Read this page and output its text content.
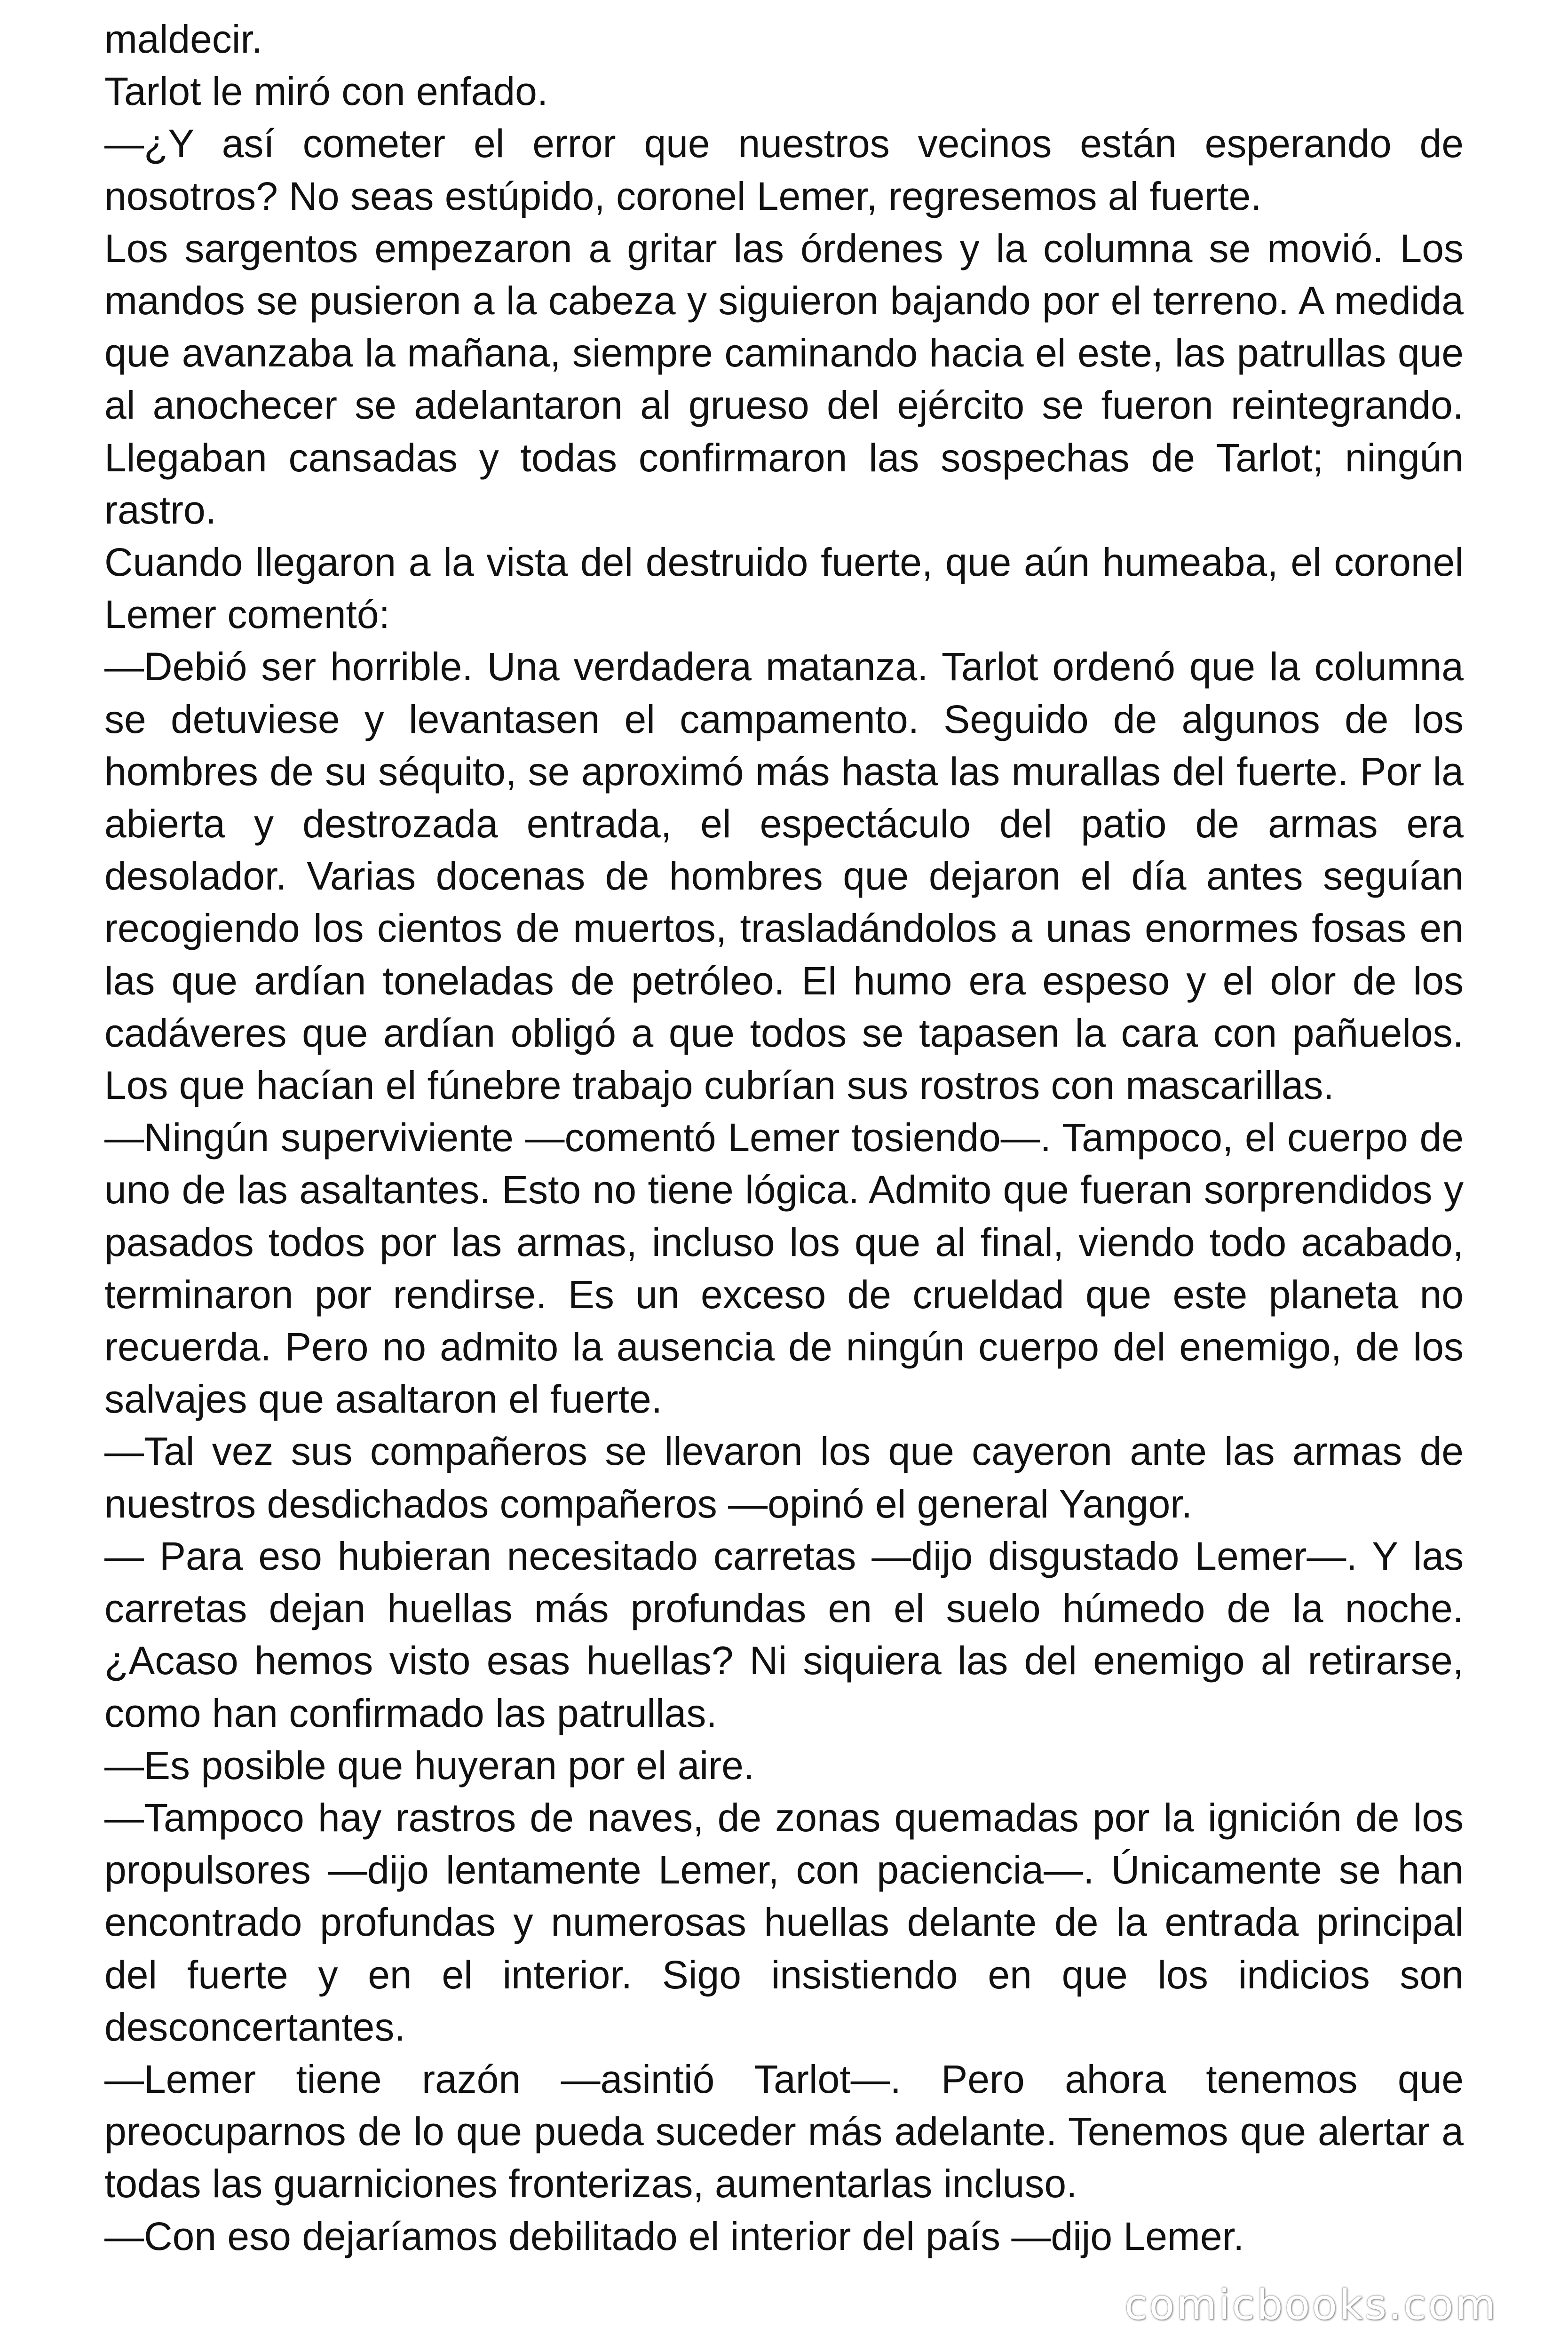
maldecir.

Tarlot le miró con enfado.

—¿Y así cometer el error que nuestros vecinos están esperando de nosotros? No seas estúpido, coronel Lemer, regresemos al fuerte.

Los sargentos empezaron a gritar las órdenes y la columna se movió. Los mandos se pusieron a la cabeza y siguieron bajando por el terreno. A medida que avanzaba la mañana, siempre caminando hacia el este, las patrullas que al anochecer se adelantaron al grueso del ejército se fueron reintegrando. Llegaban cansadas y todas confirmaron las sospechas de Tarlot; ningún rastro.

Cuando llegaron a la vista del destruido fuerte, que aún humeaba, el coronel Lemer comentó:

—Debió ser horrible. Una verdadera matanza. Tarlot ordenó que la columna se detuviese y levantasen el campamento. Seguido de algunos de los hombres de su séquito, se aproximó más hasta las murallas del fuerte. Por la abierta y destrozada entrada, el espectáculo del patio de armas era desolador. Varias docenas de hombres que dejaron el día antes seguían recogiendo los cientos de muertos, trasladándolos a unas enormes fosas en las que ardían toneladas de petróleo. El humo era espeso y el olor de los cadáveres que ardían obligó a que todos se tapasen la cara con pañuelos. Los que hacían el fúnebre trabajo cubrían sus rostros con mascarillas.

—Ningún superviviente —comentó Lemer tosiendo—. Tampoco, el cuerpo de uno de las asaltantes. Esto no tiene lógica. Admito que fueran sorprendidos y pasados todos por las armas, incluso los que al final, viendo todo acabado, terminaron por rendirse. Es un exceso de crueldad que este planeta no recuerda. Pero no admito la ausencia de ningún cuerpo del enemigo, de los salvajes que asaltaron el fuerte.

—Tal vez sus compañeros se llevaron los que cayeron ante las armas de nuestros desdichados compañeros —opinó el general Yangor.

— Para eso hubieran necesitado carretas —dijo disgustado Lemer—. Y las carretas dejan huellas más profundas en el suelo húmedo de la noche. ¿Acaso hemos visto esas huellas? Ni siquiera las del enemigo al retirarse, como han confirmado las patrullas.

—Es posible que huyeran por el aire.

—Tampoco hay rastros de naves, de zonas quemadas por la ignición de los propulsores —dijo lentamente Lemer, con paciencia—. Únicamente se han encontrado profundas y numerosas huellas delante de la entrada principal del fuerte y en el interior. Sigo insistiendo en que los indicios son desconcertantes.

—Lemer tiene razón —asintió Tarlot—. Pero ahora tenemos que preocuparnos de lo que pueda suceder más adelante. Tenemos que alertar a todas las guarniciones fronterizas, aumentarlas incluso.

—Con eso dejaríamos debilitado el interior del país —dijo Lemer.

comicbooks.com
